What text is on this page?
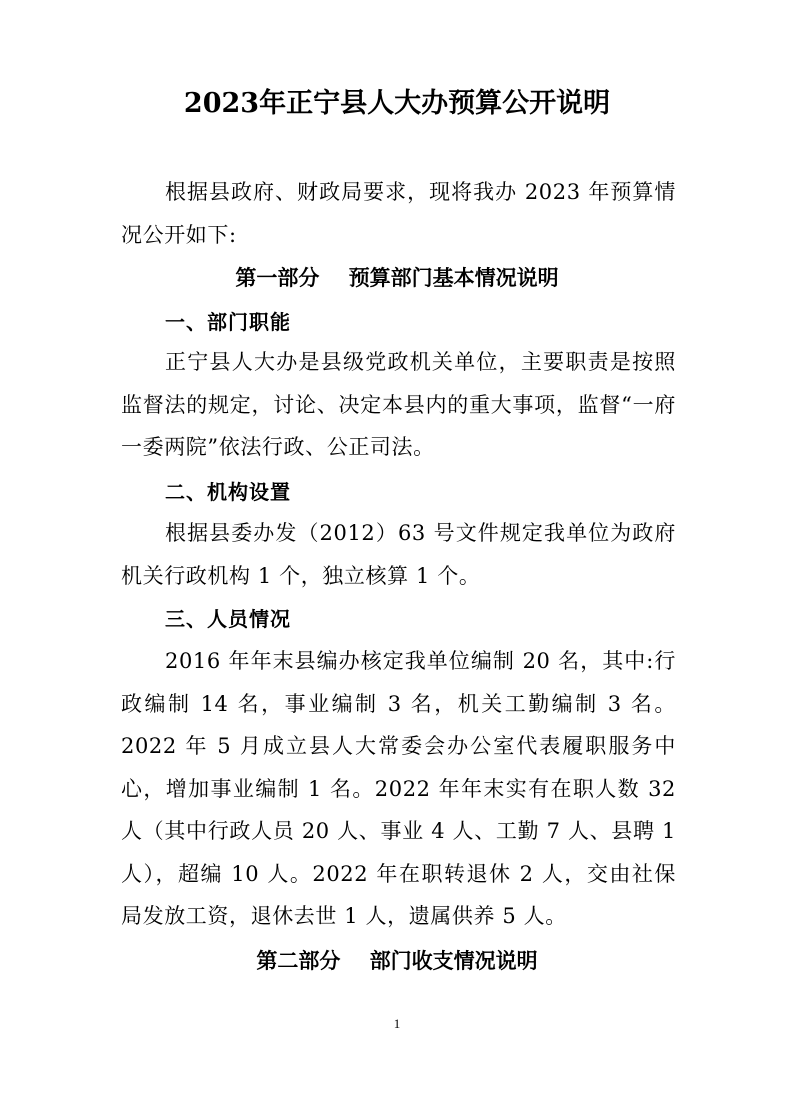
2023年正宁县人大办预算公开说明

根据县政府、财政局要求，现将我办 2023 年预算情况公开如下:

第一部分    预算部门基本情况说明
一、部门职能

正宁县人大办是县级党政机关单位，主要职责是按照监督法的规定，讨论、决定本县内的重大事项，监督“一府一委两院”依法行政、公正司法。

二、机构设置

根据县委办发（2012）63 号文件规定我单位为政府机关行政机构 1 个，独立核算 1 个。

三、人员情况

2016 年年末县编办核定我单位编制 20 名，其中:行政编制 14 名，事业编制 3 名，机关工勤编制 3 名。2022 年 5 月成立县人大常委会办公室代表履职服务中心，增加事业编制 1 名。2022 年年末实有在职人数 32 人（其中行政人员 20 人、事业 4 人、工勤 7 人、县聘 1 人），超编 10 人。2022 年在职转退休 2 人，交由社保局发放工资，退休去世 1 人，遗属供养 5 人。

第二部分    部门收支情况说明
1
